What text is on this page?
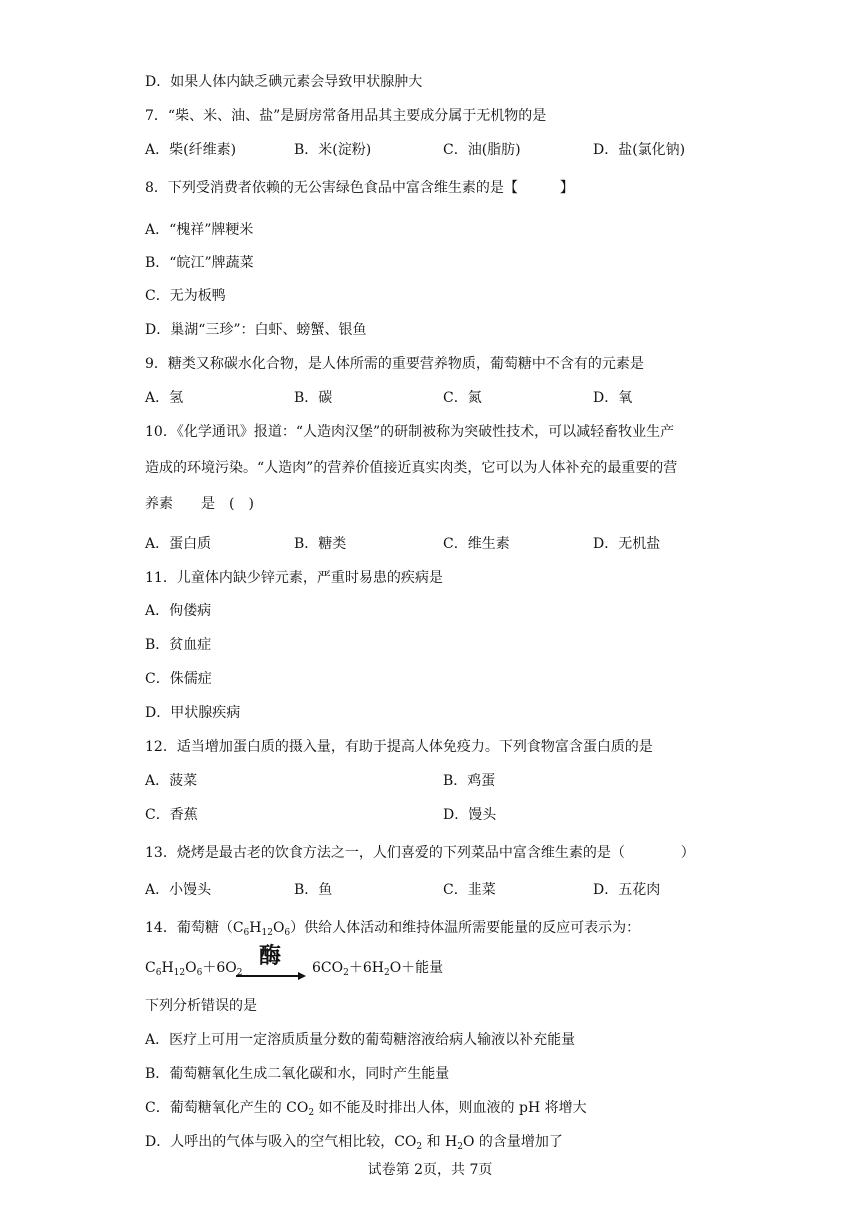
D．如果人体内缺乏碘元素会导致甲状腺肿大
7．“柴、米、油、盐”是厨房常备用品其主要成分属于无机物的是
A．柴(纤维素)	B．米(淀粉)	C．油(脂肪)	D．盐(氯化钠)
8．下列受消费者依赖的无公害绿色食品中富含维生素的是【　　　】
A．“槐祥”牌粳米
B．“皖江”牌蔬菜
C．无为板鸭
D．巢湖“三珍”：白虾、螃蟹、银鱼
9．糖类又称碳水化合物，是人体所需的重要营养物质，葡萄糖中不含有的元素是
A．氢	B．碳	C．氮	D．氧
10．《化学通讯》报道：“人造肉汉堡”的研制被称为突破性技术，可以减轻畜牧业生产
造成的环境污染。“人造肉”的营养价值接近真实肉类，它可以为人体补充的最重要的营
养素　　是　(　)
A．蛋白质	B．糖类	C．维生素	D．无机盐
11．儿童体内缺少锌元素，严重时易患的疾病是
A．佝偻病
B．贫血症
C．侏儒症
D．甲状腺疾病
12．适当增加蛋白质的摄入量，有助于提高人体免疫力。下列食物富含蛋白质的是
A．菠菜	B．鸡蛋
C．香蕉	D．馒头
13．烧烤是最古老的饮食方法之一，人们喜爱的下列菜品中富含维生素的是（　　　　）
A．小馒头	B．鱼	C．韭菜	D．五花肉
14．葡萄糖$(C_6H_{12}O_6)$供给人体活动和维持体温所需要能量的反应可表示为：
$C_6H_{12}O_6+6O_2$
酶 $6CO_2+6H_2O+$能量
下列分析错误的是
A．医疗上可用一定溶质质量分数的葡萄糖溶液给病人输液以补充能量
B．葡萄糖氧化生成二氧化碳和水，同时产生能量
C．葡萄糖氧化产生的 $CO_2$ 如不能及时排出人体，则血液的 pH 将增大
D．人呼出的气体与吸入的空气相比较，$CO_2$ 和 $H_2O$ 的含量增加了
试卷第 2页，共 7页
